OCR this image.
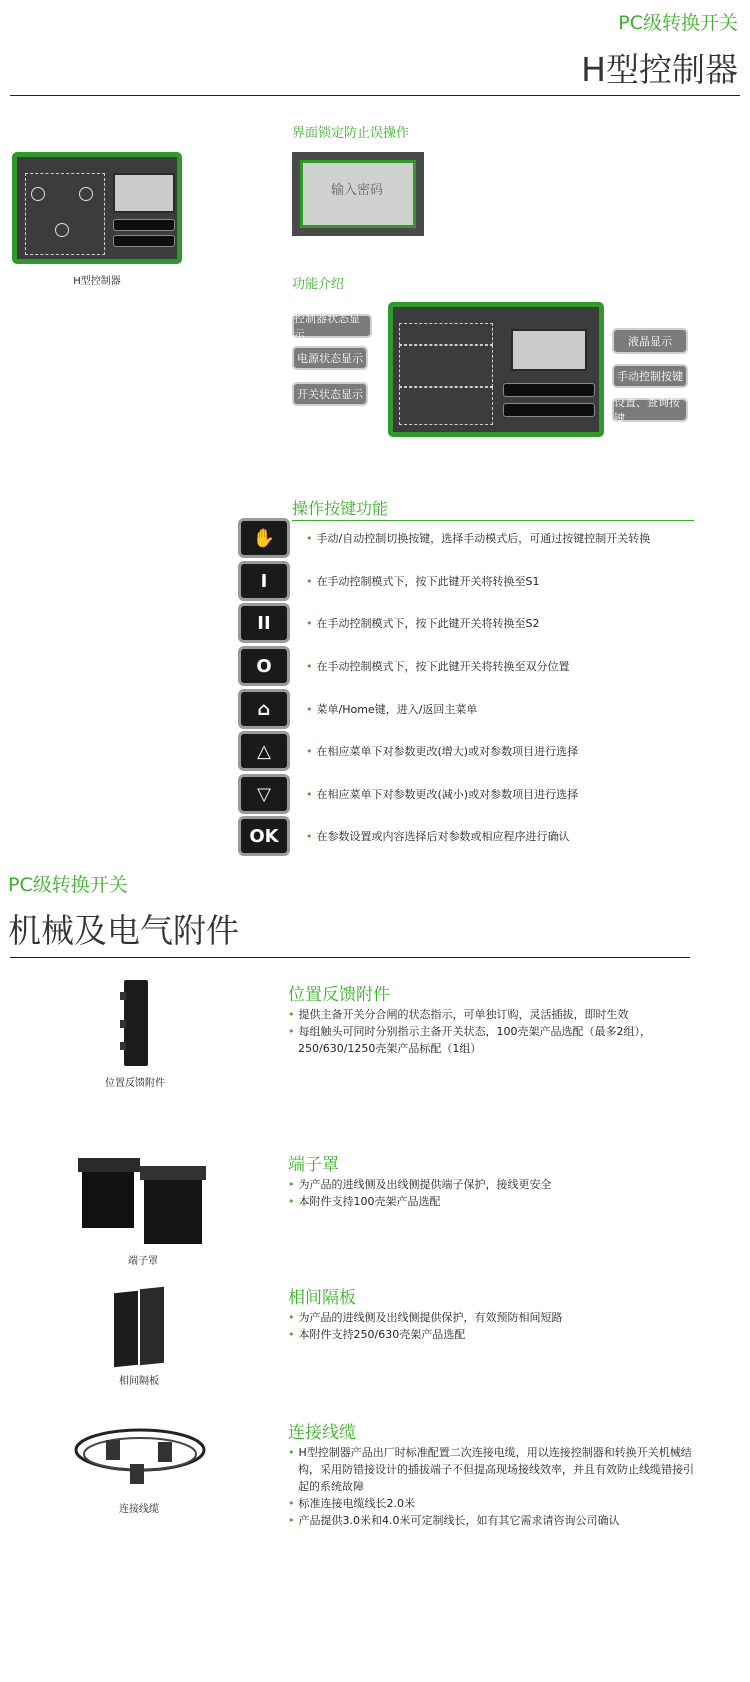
PC级转换开关
H型控制器
H型控制器
界面锁定防止误操作
输入密码
功能介绍
控制器状态显示
电源状态显示
开关状态显示
液晶显示
手动控制按键
设置、查询按键
操作按键功能
✋	• 手动/自动控制切换按键，选择手动模式后，可通过按键控制开关转换
I	• 在手动控制模式下，按下此键开关将转换至S1
II	• 在手动控制模式下，按下此键开关将转换至S2
O	• 在手动控制模式下，按下此键开关将转换至双分位置
⌂	• 菜单/Home键，进入/返回主菜单
△	• 在相应菜单下对参数更改(增大)或对参数项目进行选择
▽	• 在相应菜单下对参数更改(减小)或对参数项目进行选择
OK	• 在参数设置或内容选择后对参数或相应程序进行确认
PC级转换开关
机械及电气附件
位置反馈附件
位置反馈附件
• 提供主备开关分合闸的状态指示，可单独订购，灵活插拔，即时生效
• 每组触头可同时分别指示主备开关状态，100壳架产品选配（最多2组），
250/630/1250壳架产品标配（1组）
端子罩
端子罩
• 为产品的进线侧及出线侧提供端子保护，接线更安全
• 本附件支持100壳架产品选配
相间隔板
相间隔板
• 为产品的进线侧及出线侧提供保护，有效预防相间短路
• 本附件支持250/630壳架产品选配
连接线缆
连接线缆
• H型控制器产品出厂时标准配置二次连接电缆，用以连接控制器和转换开关机械结
构，采用防错接设计的插拔端子不但提高现场接线效率，并且有效防止线缆错接引
起的系统故障
• 标准连接电缆线长2.0米
• 产品提供3.0米和4.0米可定制线长，如有其它需求请咨询公司确认
